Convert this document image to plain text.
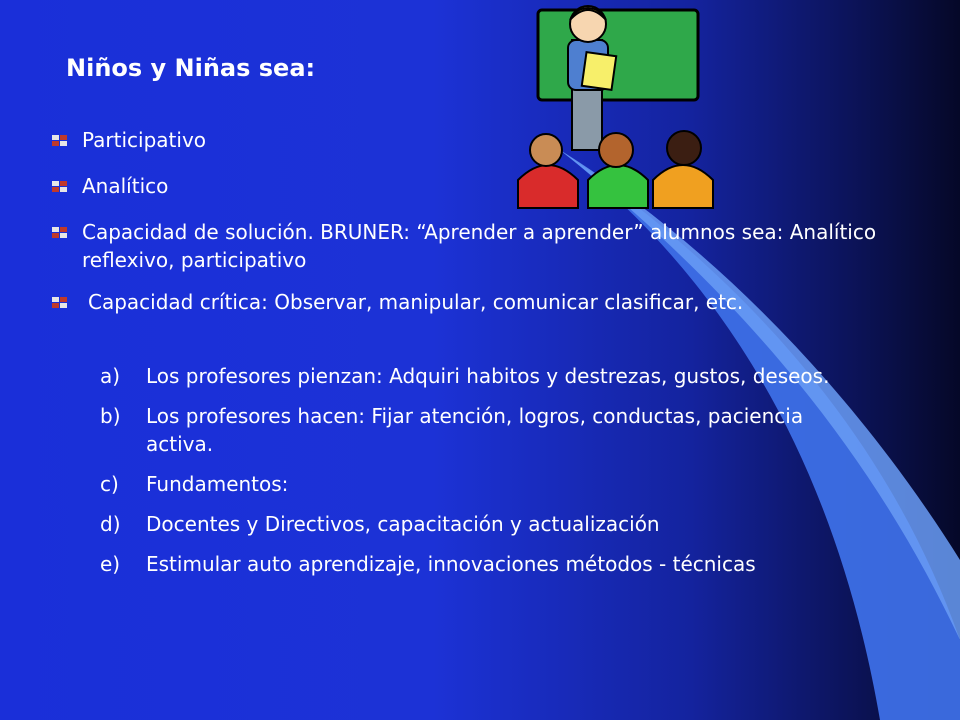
Niños y Niñas sea:
Participativo
Analítico
Capacidad de solución. BRUNER: “Aprender a aprender” alumnos sea: Analítico reflexivo, participativo
Capacidad crítica: Observar, manipular, comunicar clasificar, etc.
a) Los profesores pienzan: Adquiri habitos y destrezas, gustos, deseos.
b) Los profesores hacen: Fijar atención, logros, conductas, paciencia activa.
c) Fundamentos:
d) Docentes y Directivos, capacitación y actualización
e) Estimular auto aprendizaje, innovaciones métodos - técnicas
